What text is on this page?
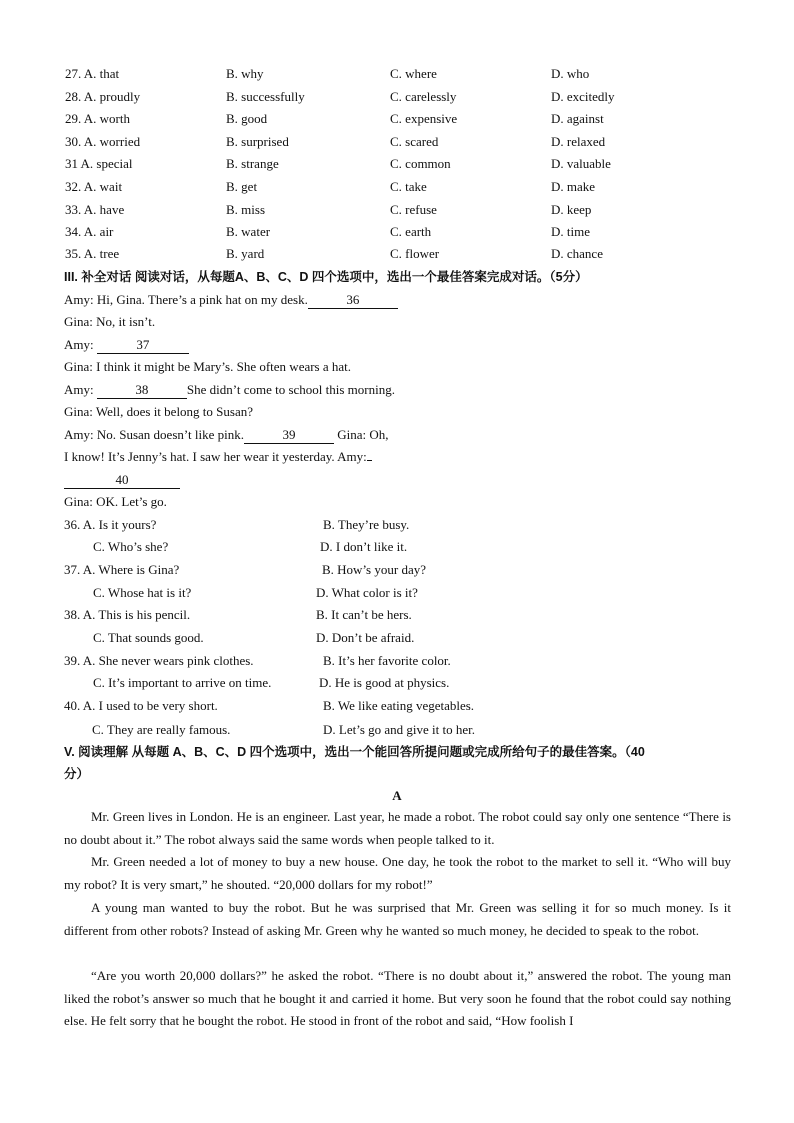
27. A. that	B. why	C. where	D. who
28. A. proudly	B. successfully	C. carelessly	D. excitedly
29. A. worth	B. good	C. expensive	D. against
30. A. worried	B. surprised	C. scared	D. relaxed
31 A. special	B. strange	C. common	D. valuable
32. A. wait	B. get	C. take	D. make
33. A. have	B. miss	C. refuse	D. keep
34. A. air	B. water	C. earth	D. time
35. A. tree	B. yard	C. flower	D. chance
III. 补全对话 阅读对话，从每题A、B、C、D 四个选项中，选出一个最佳答案完成对话。（5分）
Amy: Hi, Gina. There’s a pink hat on my desk.	36
Gina: No, it isn’t.
Amy:	37
Gina: I think it might be Mary’s. She often wears a hat.
Amy:	38	She didn’t come to school this morning.
Gina: Well, does it belong to Susan?
Amy: No. Susan doesn’t like pink.	39	Gina: Oh,
I know! It’s Jenny’s hat. I saw her wear it yesterday. Amy:
40
Gina: OK. Let’s go.
36. A. Is it yours?	B. They’re busy.
C. Who’s she?	D. I don’t like it.
37. A. Where is Gina?	B. How’s your day?
C. Whose hat is it?	D. What color is it?
38. A. This is his pencil.	B. It can’t be hers.
C. That sounds good.	D. Don’t be afraid.
39. A. She never wears pink clothes.	B. It’s her favorite color.
C. It’s important to arrive on time.	D. He is good at physics.
40. A. I used to be very short.	B. We like eating vegetables.
C. They are really famous.	D. Let’s go and give it to her.
V. 阅读理解 从每题 A、B、C、D 四个选项中，选出一个能回答所提问题或完成所给句子的最佳答案。（40
分）
A

Mr. Green lives in London. He is an engineer. Last year, he made a robot. The robot could say only one sentence “There is no doubt about it.” The robot always said the same words when people talked to it.

Mr. Green needed a lot of money to buy a new house. One day, he took the robot to the market to sell it. “Who will buy my robot? It is very smart,” he shouted. “20,000 dollars for my robot!”

A young man wanted to buy the robot. But he was surprised that Mr. Green was selling it for so much money. Is it different from other robots? Instead of asking Mr. Green why he wanted so much money, he decided to speak to the robot.

“Are you worth 20,000 dollars?” he asked the robot. “There is no doubt about it,” answered the robot. The young man liked the robot’s answer so much that he bought it and carried it home. But very soon he found that the robot could say nothing else. He felt sorry that he bought the robot. He stood in front of the robot and said, “How foolish I
